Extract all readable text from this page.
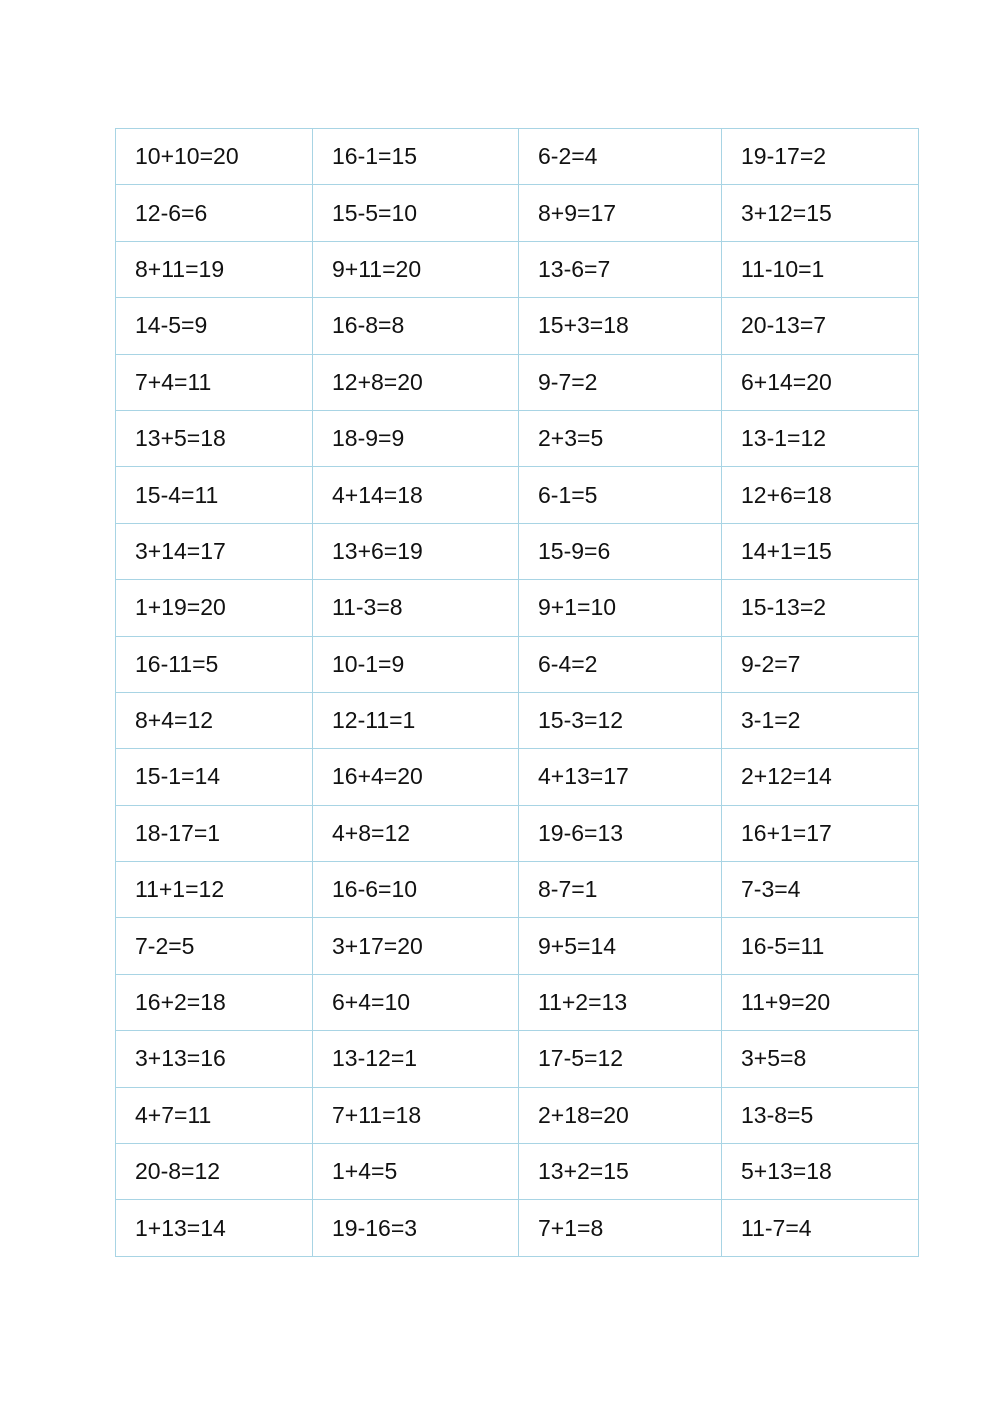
10+10=20	16-1=15	6-2=4	19-17=2
12-6=6	15-5=10	8+9=17	3+12=15
8+11=19	9+11=20	13-6=7	11-10=1
14-5=9	16-8=8	15+3=18	20-13=7
7+4=11	12+8=20	9-7=2	6+14=20
13+5=18	18-9=9	2+3=5	13-1=12
15-4=11	4+14=18	6-1=5	12+6=18
3+14=17	13+6=19	15-9=6	14+1=15
1+19=20	11-3=8	9+1=10	15-13=2
16-11=5	10-1=9	6-4=2	9-2=7
8+4=12	12-11=1	15-3=12	3-1=2
15-1=14	16+4=20	4+13=17	2+12=14
18-17=1	4+8=12	19-6=13	16+1=17
11+1=12	16-6=10	8-7=1	7-3=4
7-2=5	3+17=20	9+5=14	16-5=11
16+2=18	6+4=10	11+2=13	11+9=20
3+13=16	13-12=1	17-5=12	3+5=8
4+7=11	7+11=18	2+18=20	13-8=5
20-8=12	1+4=5	13+2=15	5+13=18
1+13=14	19-16=3	7+1=8	11-7=4
